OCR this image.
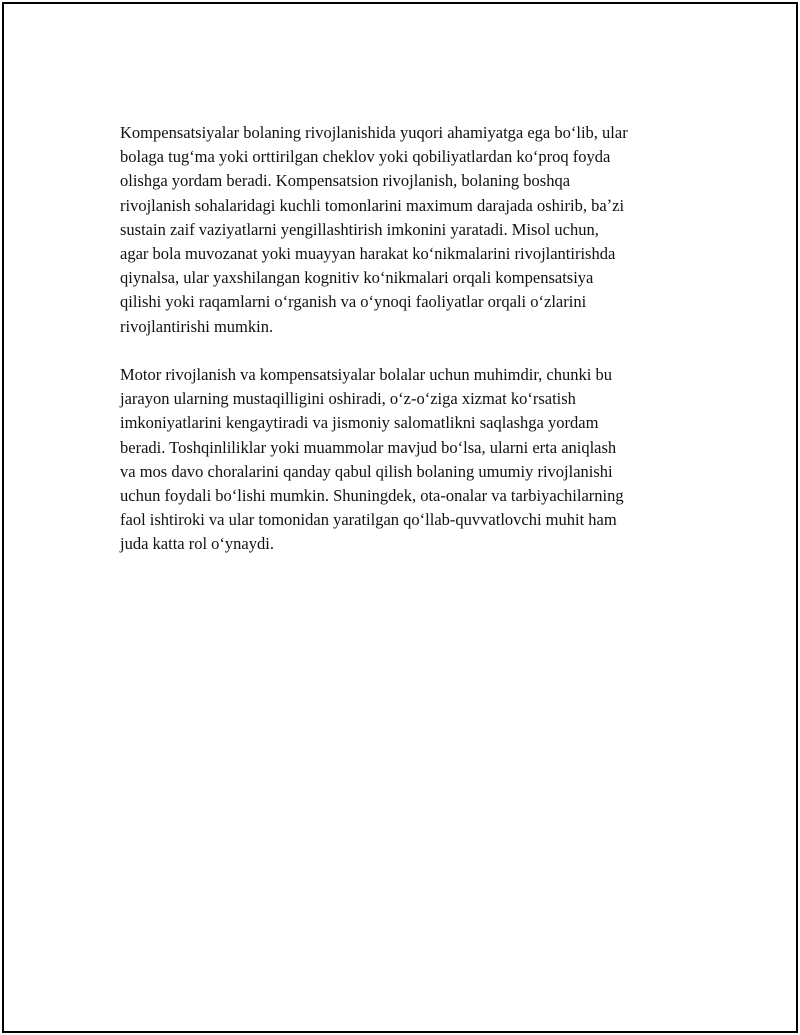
Kompensatsiyalar bolaning rivojlanishida yuqori ahamiyatga ega boʻlib, ular
bolaga tugʻma yoki orttirilgan cheklov yoki qobiliyatlardan koʻproq foyda
olishga yordam beradi. Kompensatsion rivojlanish, bolaning boshqa
rivojlanish sohalaridagi kuchli tomonlarini maximum darajada oshirib, baʼzi
sustain zaif vaziyatlarni yengillashtirish imkonini yaratadi. Misol uchun,
agar bola muvozanat yoki muayyan harakat koʻnikmalarini rivojlantirishda
qiynalsa, ular yaxshilangan kognitiv koʻnikmalari orqali kompensatsiya
qilishi yoki raqamlarni oʻrganish va oʻynoqi faoliyatlar orqali oʻzlarini
rivojlantirishi mumkin.

Motor rivojlanish va kompensatsiyalar bolalar uchun muhimdir, chunki bu
jarayon ularning mustaqilligini oshiradi, oʻz-oʻziga xizmat koʻrsatish
imkoniyatlarini kengaytiradi va jismoniy salomatlikni saqlashga yordam
beradi. Toshqinliliklar yoki muammolar mavjud boʻlsa, ularni erta aniqlash
va mos davo choralarini qanday qabul qilish bolaning umumiy rivojlanishi
uchun foydali boʻlishi mumkin. Shuningdek, ota-onalar va tarbiyachilarning
faol ishtiroki va ular tomonidan yaratilgan qoʻllab-quvvatlovchi muhit ham
juda katta rol oʻynaydi.
